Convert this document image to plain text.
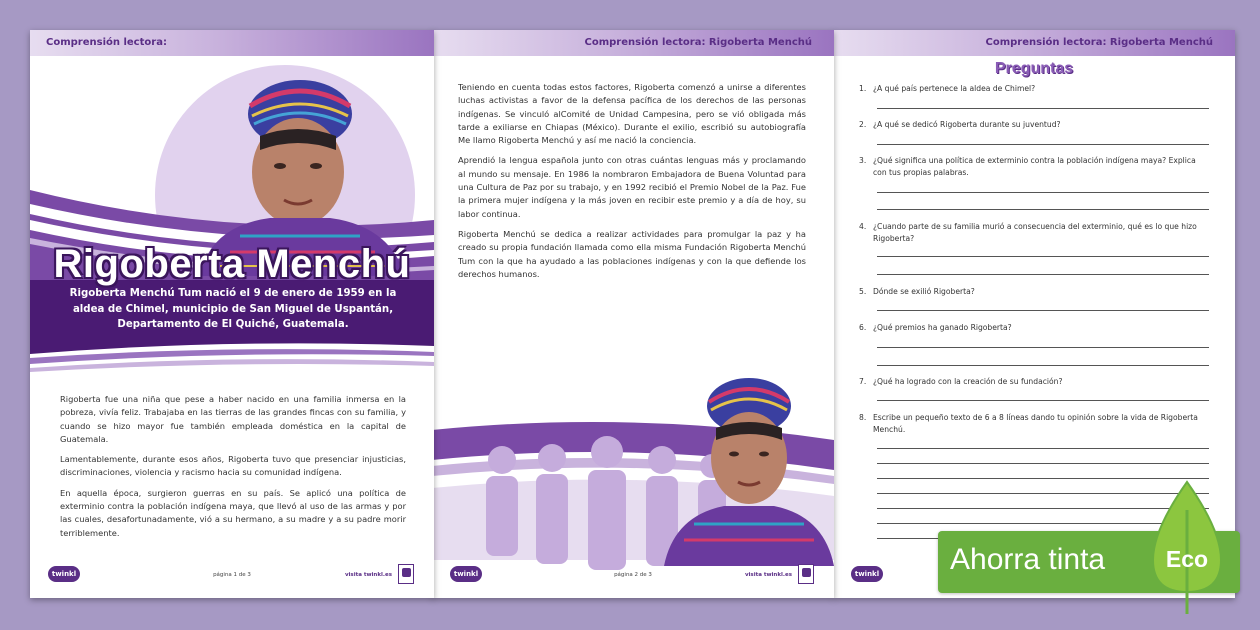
Comprensión lectora:
Rigoberta Menchú
Rigoberta Menchú Tum nació el 9 de enero de 1959 en la aldea de Chimel, municipio de San Miguel de Uspantán, Departamento de El Quiché, Guatemala.

Rigoberta fue una niña que pese a haber nacido en una familia inmersa en la pobreza, vivía feliz. Trabajaba en las tierras de las grandes fincas con su familia, y cuando se hizo mayor fue también empleada doméstica en la capital de Guatemala.

Lamentablemente, durante esos años, Rigoberta tuvo que presenciar injusticias, discriminaciones, violencia y racismo hacia su comunidad indígena.

En aquella época, surgieron guerras en su país. Se aplicó una política de exterminio contra la población indígena maya, que llevó al uso de las armas y por las cuales, desafortunadamente, vió a su hermano, a su madre y a su padre morir terriblemente.

twinkl	página 1 de 3	visita twinkl.es
Comprensión lectora: Rigoberta Menchú

Teniendo en cuenta todas estos factores, Rigoberta comenzó a unirse a diferentes luchas activistas a favor de la defensa pacífica de los derechos de las personas indígenas. Se vinculó alComité de Unidad Campesina, pero se vió obligada más tarde a exiliarse en Chiapas (México). Durante el exilio, escribió su autobiografía Me llamo Rigoberta Menchú y así me nació la conciencia.

Aprendió la lengua española junto con otras cuántas lenguas más y proclamando al mundo su mensaje. En 1986 la nombraron Embajadora de Buena Voluntad para una Cultura de Paz por su trabajo, y en 1992 recibió el Premio Nobel de la Paz. Fue la primera mujer indígena y la más joven en recibir este premio y a día de hoy, su labor continua.

Rigoberta Menchú se dedica a realizar actividades para promulgar la paz y ha creado su propia fundación llamada como ella misma Fundación Rigoberta Menchú Tum con la que ha ayudado a las poblaciones indígenas y con la que defiende los derechos humanos.

twinkl	página 2 de 3	visita twinkl.es
Comprensión lectora: Rigoberta Menchú
Preguntas
1. ¿A qué país pertenece la aldea de Chimel?
2. ¿A qué se dedicó Rigoberta durante su juventud?
3. ¿Qué significa una política de exterminio contra la población indígena maya? Explica con tus propias palabras.
4. ¿Cuando parte de su familia murió a consecuencia del exterminio, qué es lo que hizo Rigoberta?
5. Dónde se exilió Rigoberta?
6. ¿Qué premios ha ganado Rigoberta?
7. ¿Qué ha logrado con la creación de su fundación?
8. Escribe un pequeño texto de 6 a 8 líneas dando tu opinión sobre la vida de Rigoberta Menchú.
twinkl Ahorra tinta	Eco
